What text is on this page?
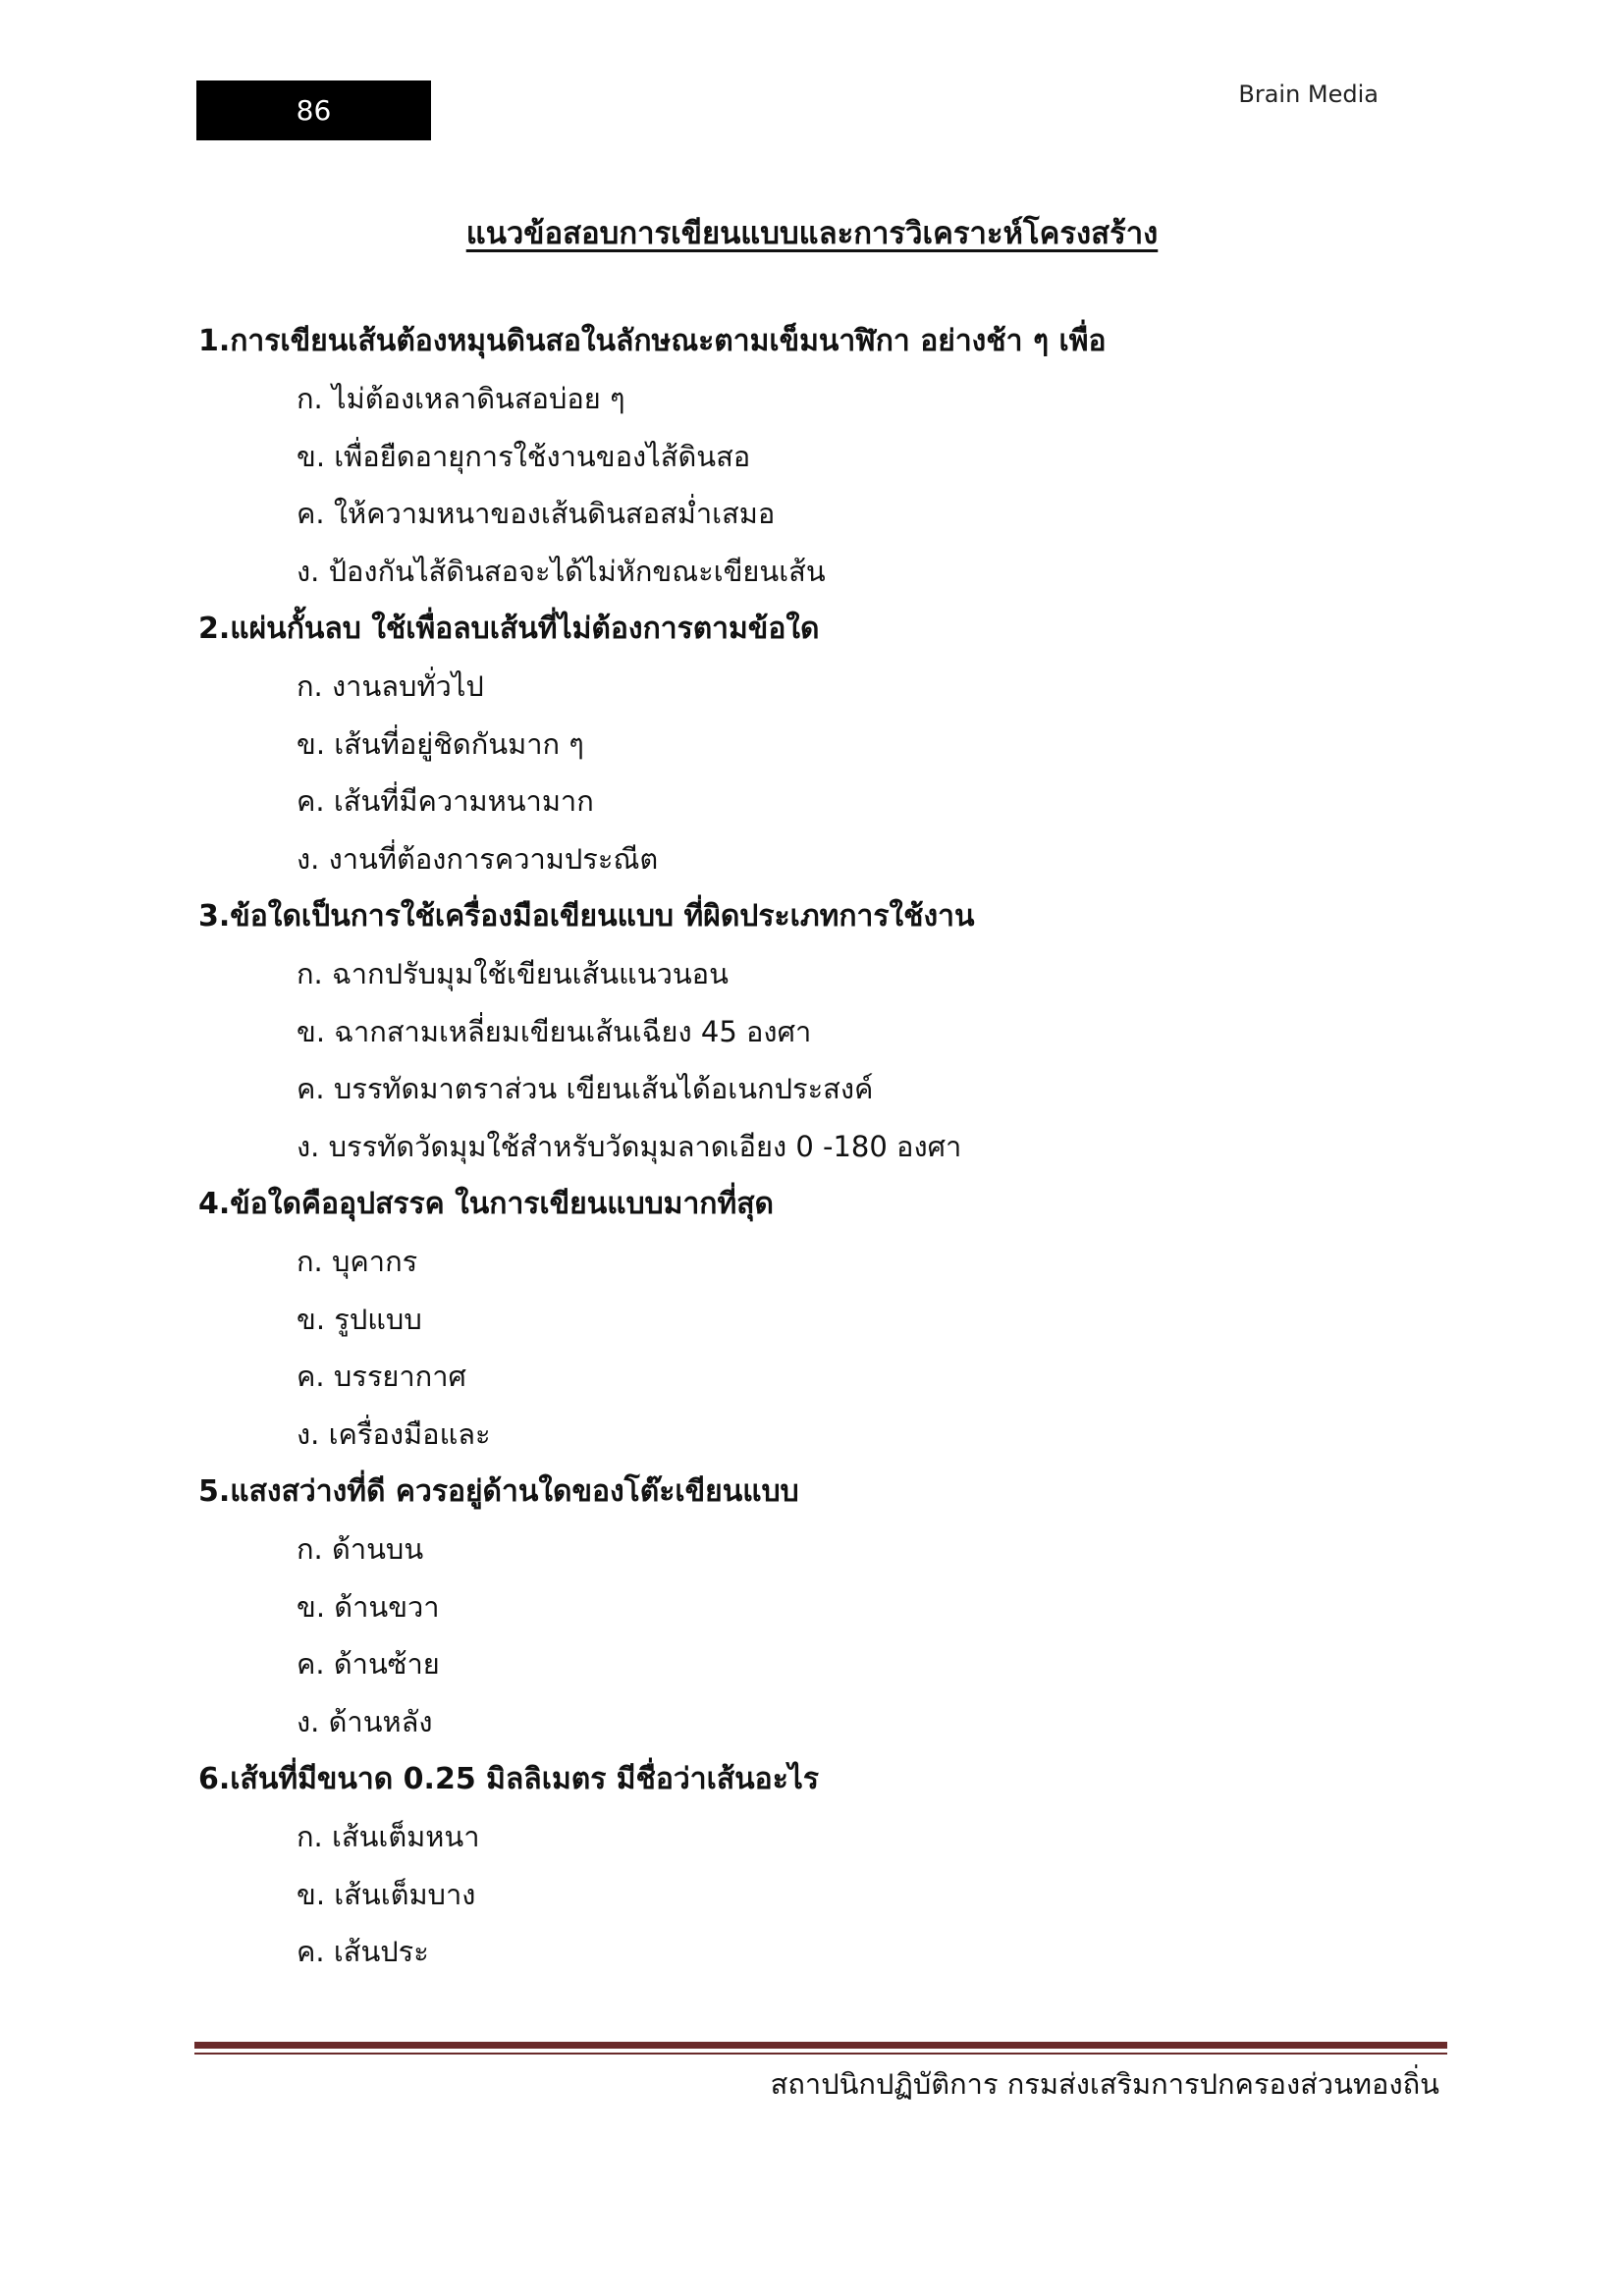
86	Brain Media
แนวข้อสอบการเขียนแบบและการวิเคราะห์โครงสร้าง
1.การเขียนเส้นต้องหมุนดินสอในลักษณะตามเข็มนาฬิกา อย่างช้า ๆ เพื่อ
ก. ไม่ต้องเหลาดินสอบ่อย ๆ
ข. เพื่อยืดอายุการใช้งานของไส้ดินสอ
ค. ให้ความหนาของเส้นดินสอสม่ำเสมอ
ง. ป้องกันไส้ดินสอจะได้ไม่หักขณะเขียนเส้น
2.แผ่นกั้นลบ ใช้เพื่อลบเส้นที่ไม่ต้องการตามข้อใด
ก. งานลบทั่วไป
ข. เส้นที่อยู่ชิดกันมาก ๆ
ค. เส้นที่มีความหนามาก
ง. งานที่ต้องการความประณีต
3.ข้อใดเป็นการใช้เครื่องมือเขียนแบบ ที่ผิดประเภทการใช้งาน
ก. ฉากปรับมุมใช้เขียนเส้นแนวนอน
ข. ฉากสามเหลี่ยมเขียนเส้นเฉียง 45 องศา
ค. บรรทัดมาตราส่วน เขียนเส้นได้อเนกประสงค์
ง. บรรทัดวัดมุมใช้สำหรับวัดมุมลาดเอียง 0 -180 องศา
4.ข้อใดคืออุปสรรค ในการเขียนแบบมากที่สุด
ก. บุคากร
ข. รูปแบบ
ค. บรรยากาศ
ง. เครื่องมือและ
5.แสงสว่างที่ดี ควรอยู่ด้านใดของโต๊ะเขียนแบบ
ก. ด้านบน
ข. ด้านขวา
ค. ด้านซ้าย
ง. ด้านหลัง
6.เส้นที่มีขนาด 0.25 มิลลิเมตร มีชื่อว่าเส้นอะไร
ก. เส้นเต็มหนา
ข. เส้นเต็มบาง
ค. เส้นประ
สถาปนิกปฏิบัติการ กรมส่งเสริมการปกครองส่วนทองถิ่น
